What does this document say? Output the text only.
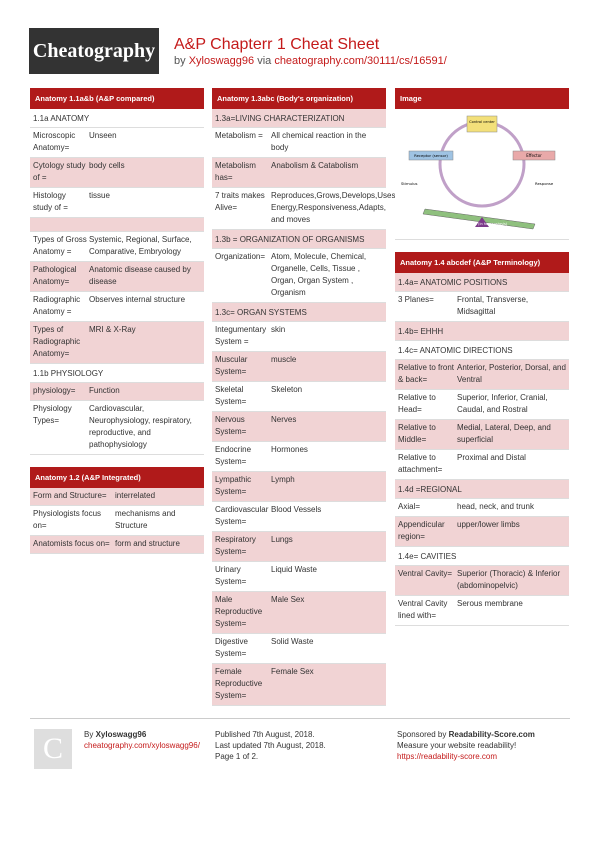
Cheatography A&P Chapterr 1 Cheat Sheet
by Xyloswagg96 via cheatography.com/30111/cs/16591/
Anatomy 1.1a&b (A&P compared)
1.1a ANATOMY
Microscopic Anatomy=
Unseen
Cytology study of =
body cells
Histology study of =
tissue
Types of Gross Anatomy =
Systemic, Regional, Surface, Comparative, Embryology
Pathological Anatomy=
Anatomic disease caused by disease
Radiographic Anatomy =
Observes internal structure
Types of Radiographic Anatomy=
MRI & X-Ray
1.1b PHYSIOLOGY
physiology=	Function
Physiology Types=
Cardiovascular, Neurophysiology, respiratory, reproductive, and pathophysiology
Anatomy 1.2 (A&P Integrated)
Form and Structure=	interrelated
Physiologists focus on=
mechanisms and Structure
Anatomists focus on= form and structure
Anatomy 1.3abc (Body's organization)
1.3a=LIVING CHARACTERIZATION
Metabolism =	All chemical reaction in the body
Metabolism has=
Anabolism & Catabolism
7 traits makes Alive=
Reproduces,Grows,Develops,Uses Energy,Responsiveness,Adapts, and moves
1.3b = ORGANIZATION OF ORGANISMS
Organization= Atom, Molecule, Chemical, Organelle, Cells, Tissue , Organ, Organ System , Organism
1.3c= ORGAN SYSTEMS
Integumentary System =
skin
Muscular System=
muscle
Skeletal System=
Skeleton
Nervous System=
Nerves
Endocrine System=
Hormones
Lympathic System=
Lymph
Cardiovascular System=
Blood Vessels
Respiratory System=
Lungs
Urinary System=
Liquid Waste
Male Reproductive System=
Male Sex
Digestive System=
Solid Waste
Female Reproductive System=
Female Sex
Image
Control center
Receptor (sensor)	Effector
Variable (in homeostasis)
Stimulus	Response
Anatomy 1.4 abcdef (A&P Terminology)
1.4a= ANATOMIC POSITIONS
3 Planes=	Frontal, Transverse, Midsagittal
1.4b= EHHH
1.4c= ANATOMIC DIRECTIONS
Relative to front & back=
Anterior, Posterior, Dorsal, and Ventral
Relative to Head=
Superior, Inferior, Cranial, Caudal, and Rostral
Relative to Middle=
Medial, Lateral, Deep, and superficial
Relative to attachment=
Proximal and Distal
1.4d =REGIONAL
Axial=	head, neck, and trunk
Appendicular region=
upper/lower limbs
1.4e= CAVITIES
Ventral Cavity= Superior (Thoracic) & Inferior (abdominopelvic)
Ventral Cavity lined with=
Serous membrane
C	By Xyloswagg96
cheatography.com/xyloswagg96/
Published 7th August, 2018.
Last updated 7th August, 2018.
Page 1 of 2.
Sponsored by Readability-Score.com
Measure your website readability!
https://readability-score.com
